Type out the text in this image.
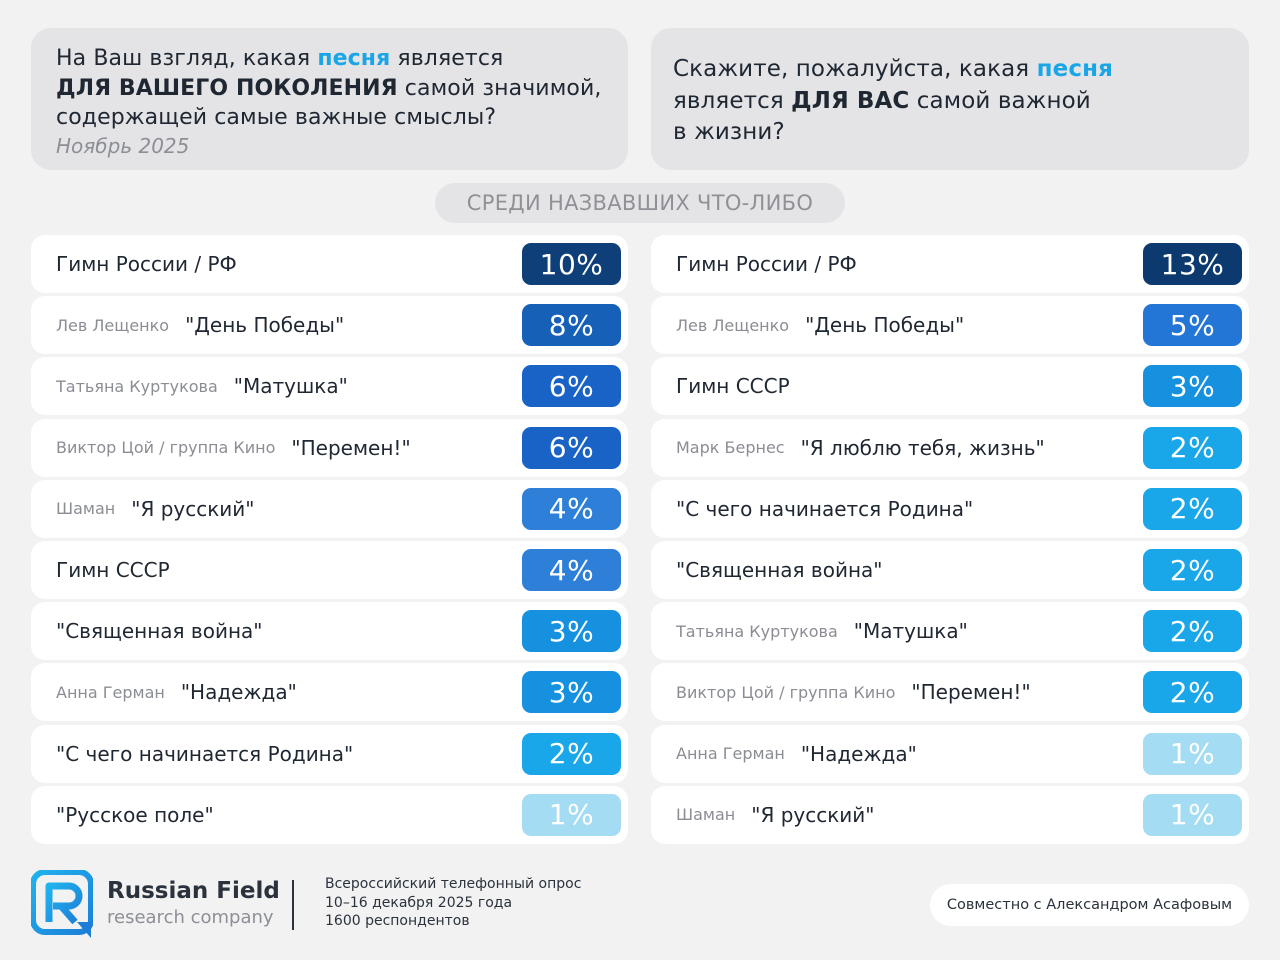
На Ваш взгляд, какая песня является
ДЛЯ ВАШЕГО ПОКОЛЕНИЯ самой значимой,
содержащей самые важные смыслы?
Ноябрь 2025
Скажите, пожалуйста, какая песня
является ДЛЯ ВАС самой важной
в жизни?
СРЕДИ НАЗВАВШИХ ЧТО-ЛИБО
Гимн России / РФ	10%
Лев Лещенко "День Победы"	8%
Татьяна Куртукова "Матушка"	6%
Виктор Цой / группа Кино "Перемен!"	6%
Шаман "Я русский"	4%
Гимн СССР	4%
"Священная война"	3%
Анна Герман "Надежда"	3%
"С чего начинается Родина"	2%
"Русское поле"	1%
Гимн России / РФ	13%
Лев Лещенко "День Победы"	5%
Гимн СССР	3%
Марк Бернес "Я люблю тебя, жизнь"	2%
"С чего начинается Родина"	2%
"Священная война"	2%
Татьяна Куртукова "Матушка"	2%
Виктор Цой / группа Кино "Перемен!"	2%
Анна Герман "Надежда"	1%
Шаман "Я русский"	1%
Russian Field
research company
Всероссийский телефонный опрос
10–16 декабря 2025 года
1600 респондентов
Совместно с Александром Асафовым
